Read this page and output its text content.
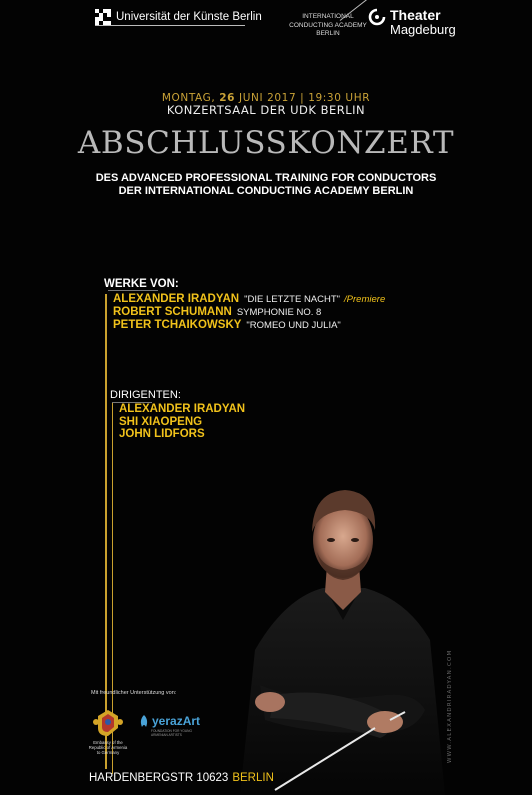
Universität der Künste Berlin	INTERNATIONAL
CONDUCTING ACADEMY
BERLIN
Theater
Magdeburg
MONTAG, 26 JUNI 2017 | 19:30 UHR
KONZERTSAAL DER UDK BERLIN
ABSCHLUSSKONZERT
DES ADVANCED PROFESSIONAL TRAINING FOR CONDUCTORS
DER INTERNATIONAL CONDUCTING ACADEMY BERLIN
WERKE VON:
ALEXANDER IRADYAN "DIE LETZTE NACHT" /Premiere
ROBERT SCHUMANN SYMPHONIE NO. 8
PETER TCHAIKOWSKY "ROMEO UND JULIA"
DIRIGENTEN:
ALEXANDER IRADYAN
SHI XIAOPENG
JOHN LIDFORS
WWW.ALEXANDRIRADYAN.COM
Mit freundlicher Unterstützung von:
Embassy of the
Republic of Armenia
to Germany
yerazArt
FOUNDATION FOR YOUNG ARMENIAN ARTISTS
HARDENBERGSTR 10623 BERLIN
